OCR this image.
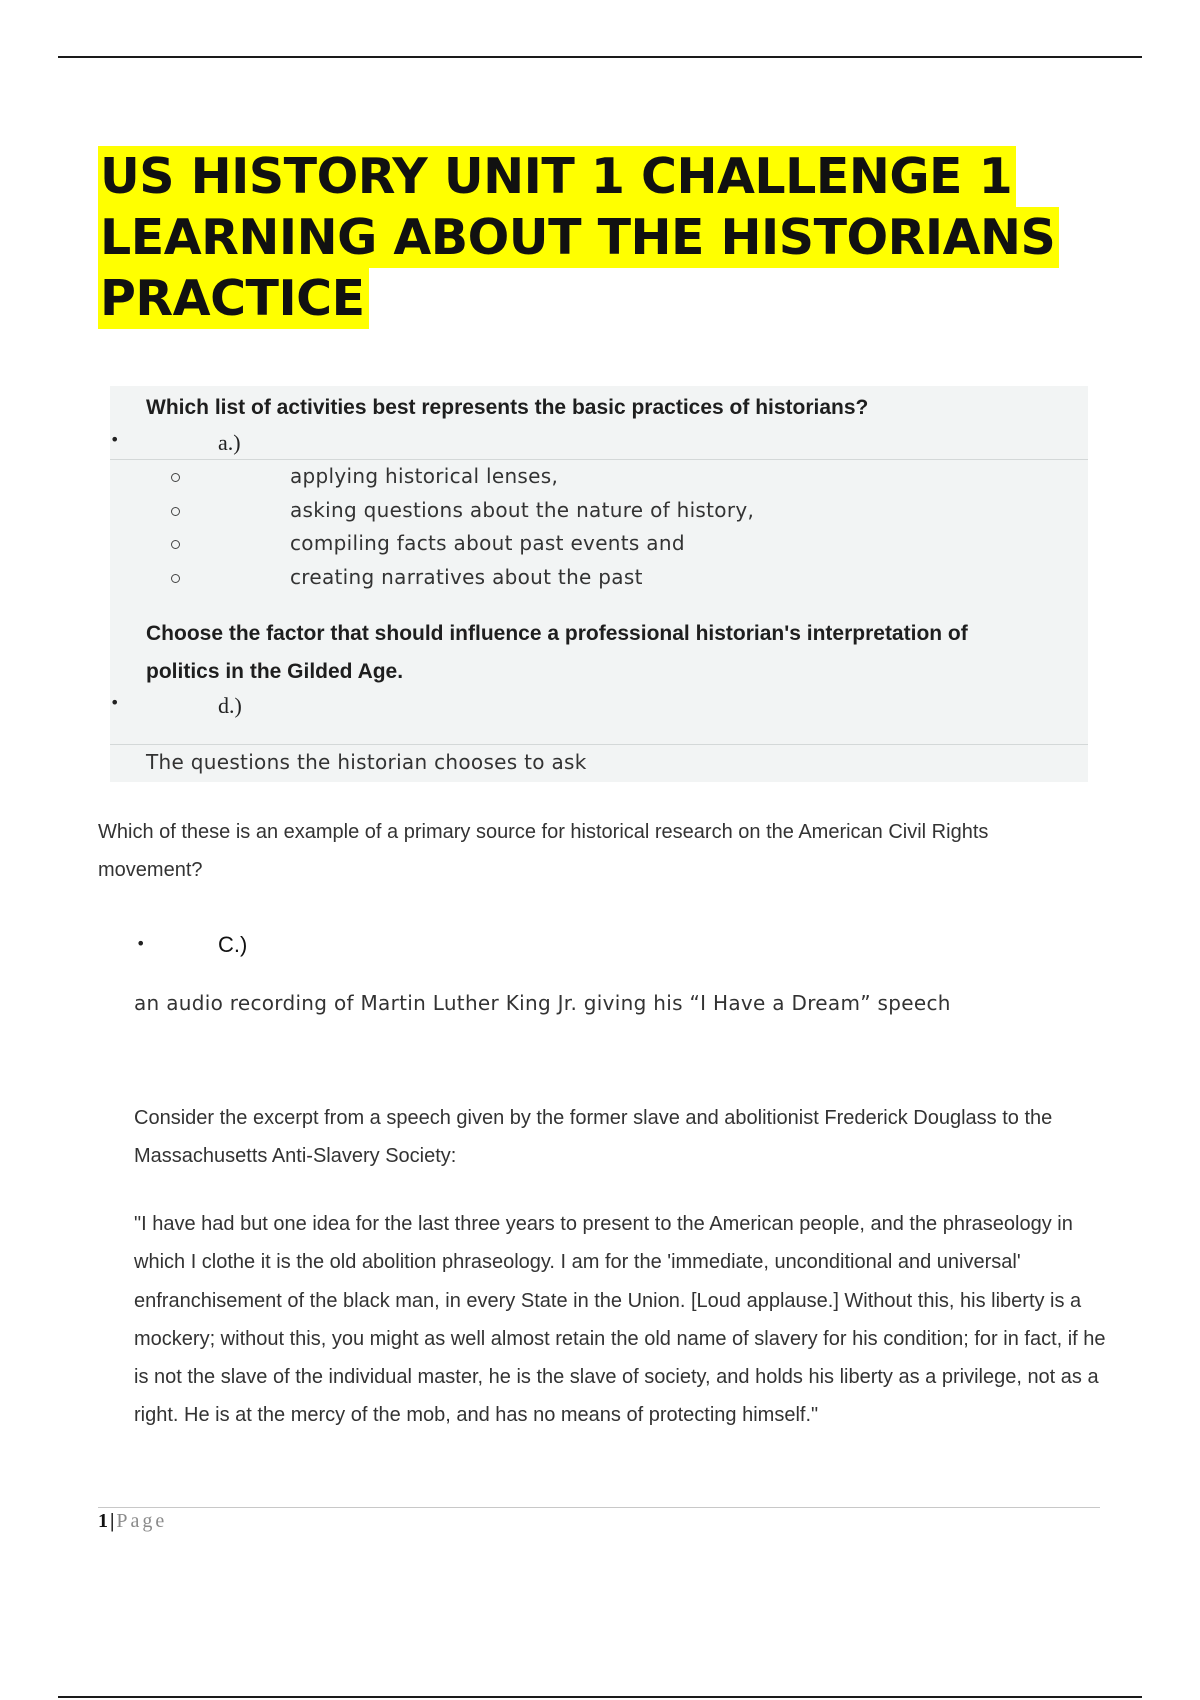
US HISTORY UNIT 1 CHALLENGE 1
LEARNING ABOUT THE HISTORIANS
PRACTICE
Which list of activities best represents the basic practices of historians?
•	a.)
applying historical lenses,
asking questions about the nature of history,
compiling facts about past events and
creating narratives about the past
Choose the factor that should influence a professional historian's interpretation of
politics in the Gilded Age.
•	d.)
The questions the historian chooses to ask
Which of these is an example of a primary source for historical research on the American Civil Rights movement?
•	C.)
an audio recording of Martin Luther King Jr. giving his “I Have a Dream” speech
Consider the excerpt from a speech given by the former slave and abolitionist Frederick Douglass to the Massachusetts Anti-Slavery Society:
"I have had but one idea for the last three years to present to the American people, and the phraseology in which I clothe it is the old abolition phraseology. I am for the 'immediate, unconditional and universal' enfranchisement of the black man, in every State in the Union. [Loud applause.] Without this, his liberty is a mockery; without this, you might as well almost retain the old name of slavery for his condition; for in fact, if he is not the slave of the individual master, he is the slave of society, and holds his liberty as a privilege, not as a right. He is at the mercy of the mob, and has no means of protecting himself."
1 | Page
